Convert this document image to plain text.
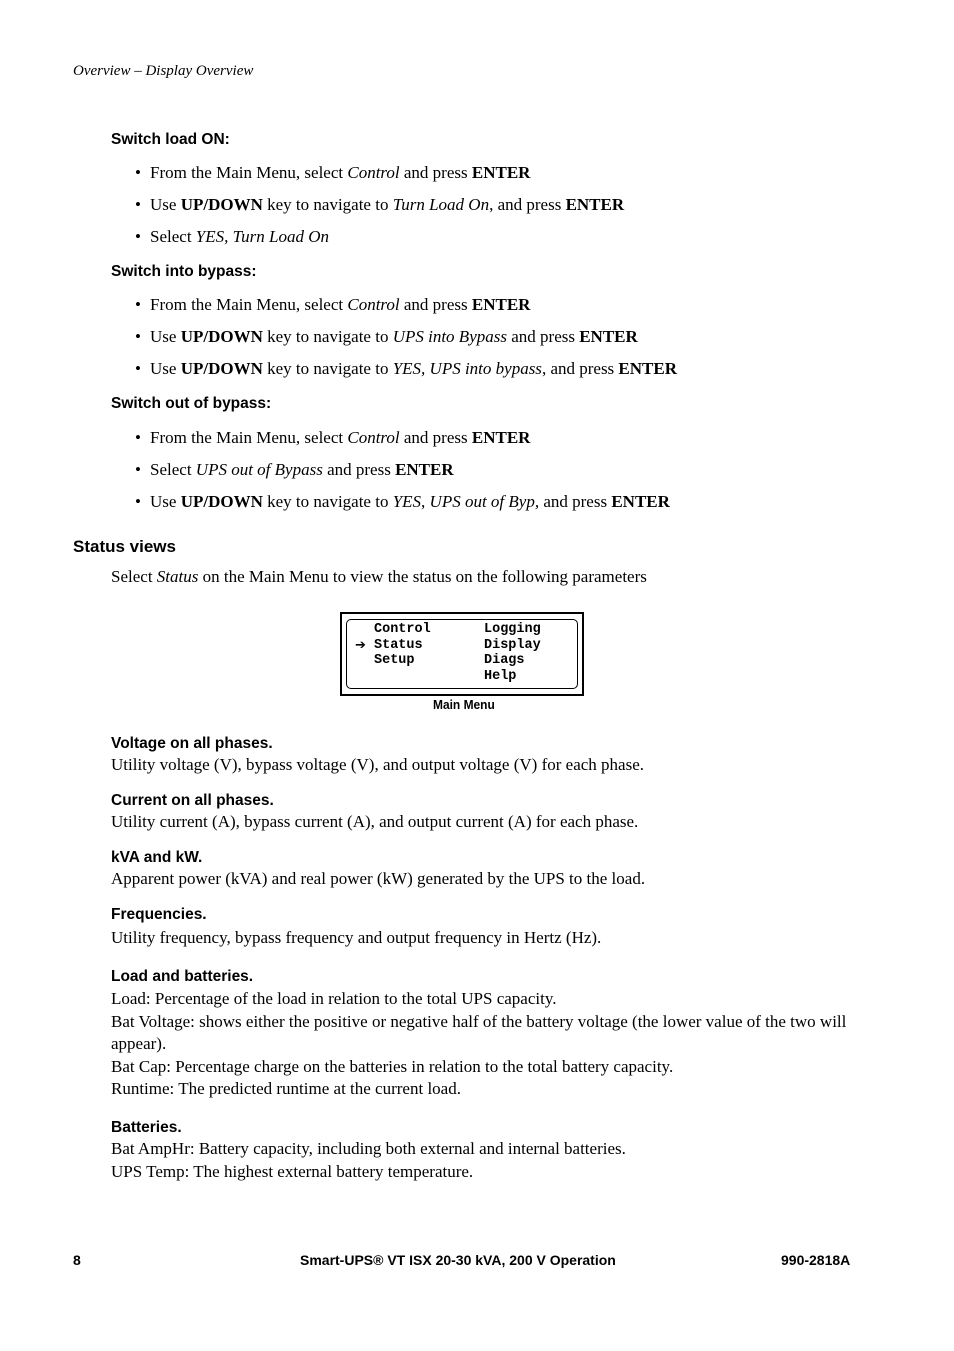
Overview – Display Overview
Switch load ON:
• From the Main Menu, select Control and press ENTER
• Use UP/DOWN key to navigate to Turn Load On, and press ENTER
• Select YES, Turn Load On
Switch into bypass:
• From the Main Menu, select Control and press ENTER
• Use UP/DOWN key to navigate to UPS into Bypass and press ENTER
• Use UP/DOWN key to navigate to YES, UPS into bypass, and press ENTER
Switch out of bypass:
• From the Main Menu, select Control and press ENTER
• Select UPS out of Bypass and press ENTER
• Use UP/DOWN key to navigate to YES, UPS out of Byp, and press ENTER
Status views
Select Status on the Main Menu to view the status on the following parameters
➔
Control
Status
Setup
Logging
Display
Diags
Help
Main Menu
Voltage on all phases.
Utility voltage (V), bypass voltage (V), and output voltage (V) for each phase.
Current on all phases.
Utility current (A), bypass current (A), and output current (A) for each phase.
kVA and kW.
Apparent power (kVA) and real power (kW) generated by the UPS to the load.
Frequencies.
Utility frequency, bypass frequency and output frequency in Hertz (Hz).
Load and batteries.
Load: Percentage of the load in relation to the total UPS capacity.
Bat Voltage: shows either the positive or negative half of the battery voltage (the lower value of the two will appear).
Bat Cap: Percentage charge on the batteries in relation to the total battery capacity.
Runtime: The predicted runtime at the current load.
Batteries.
Bat AmpHr: Battery capacity, including both external and internal batteries.
UPS Temp: The highest external battery temperature.
8	Smart-UPS® VT ISX 20-30 kVA, 200 V Operation	990-2818A
